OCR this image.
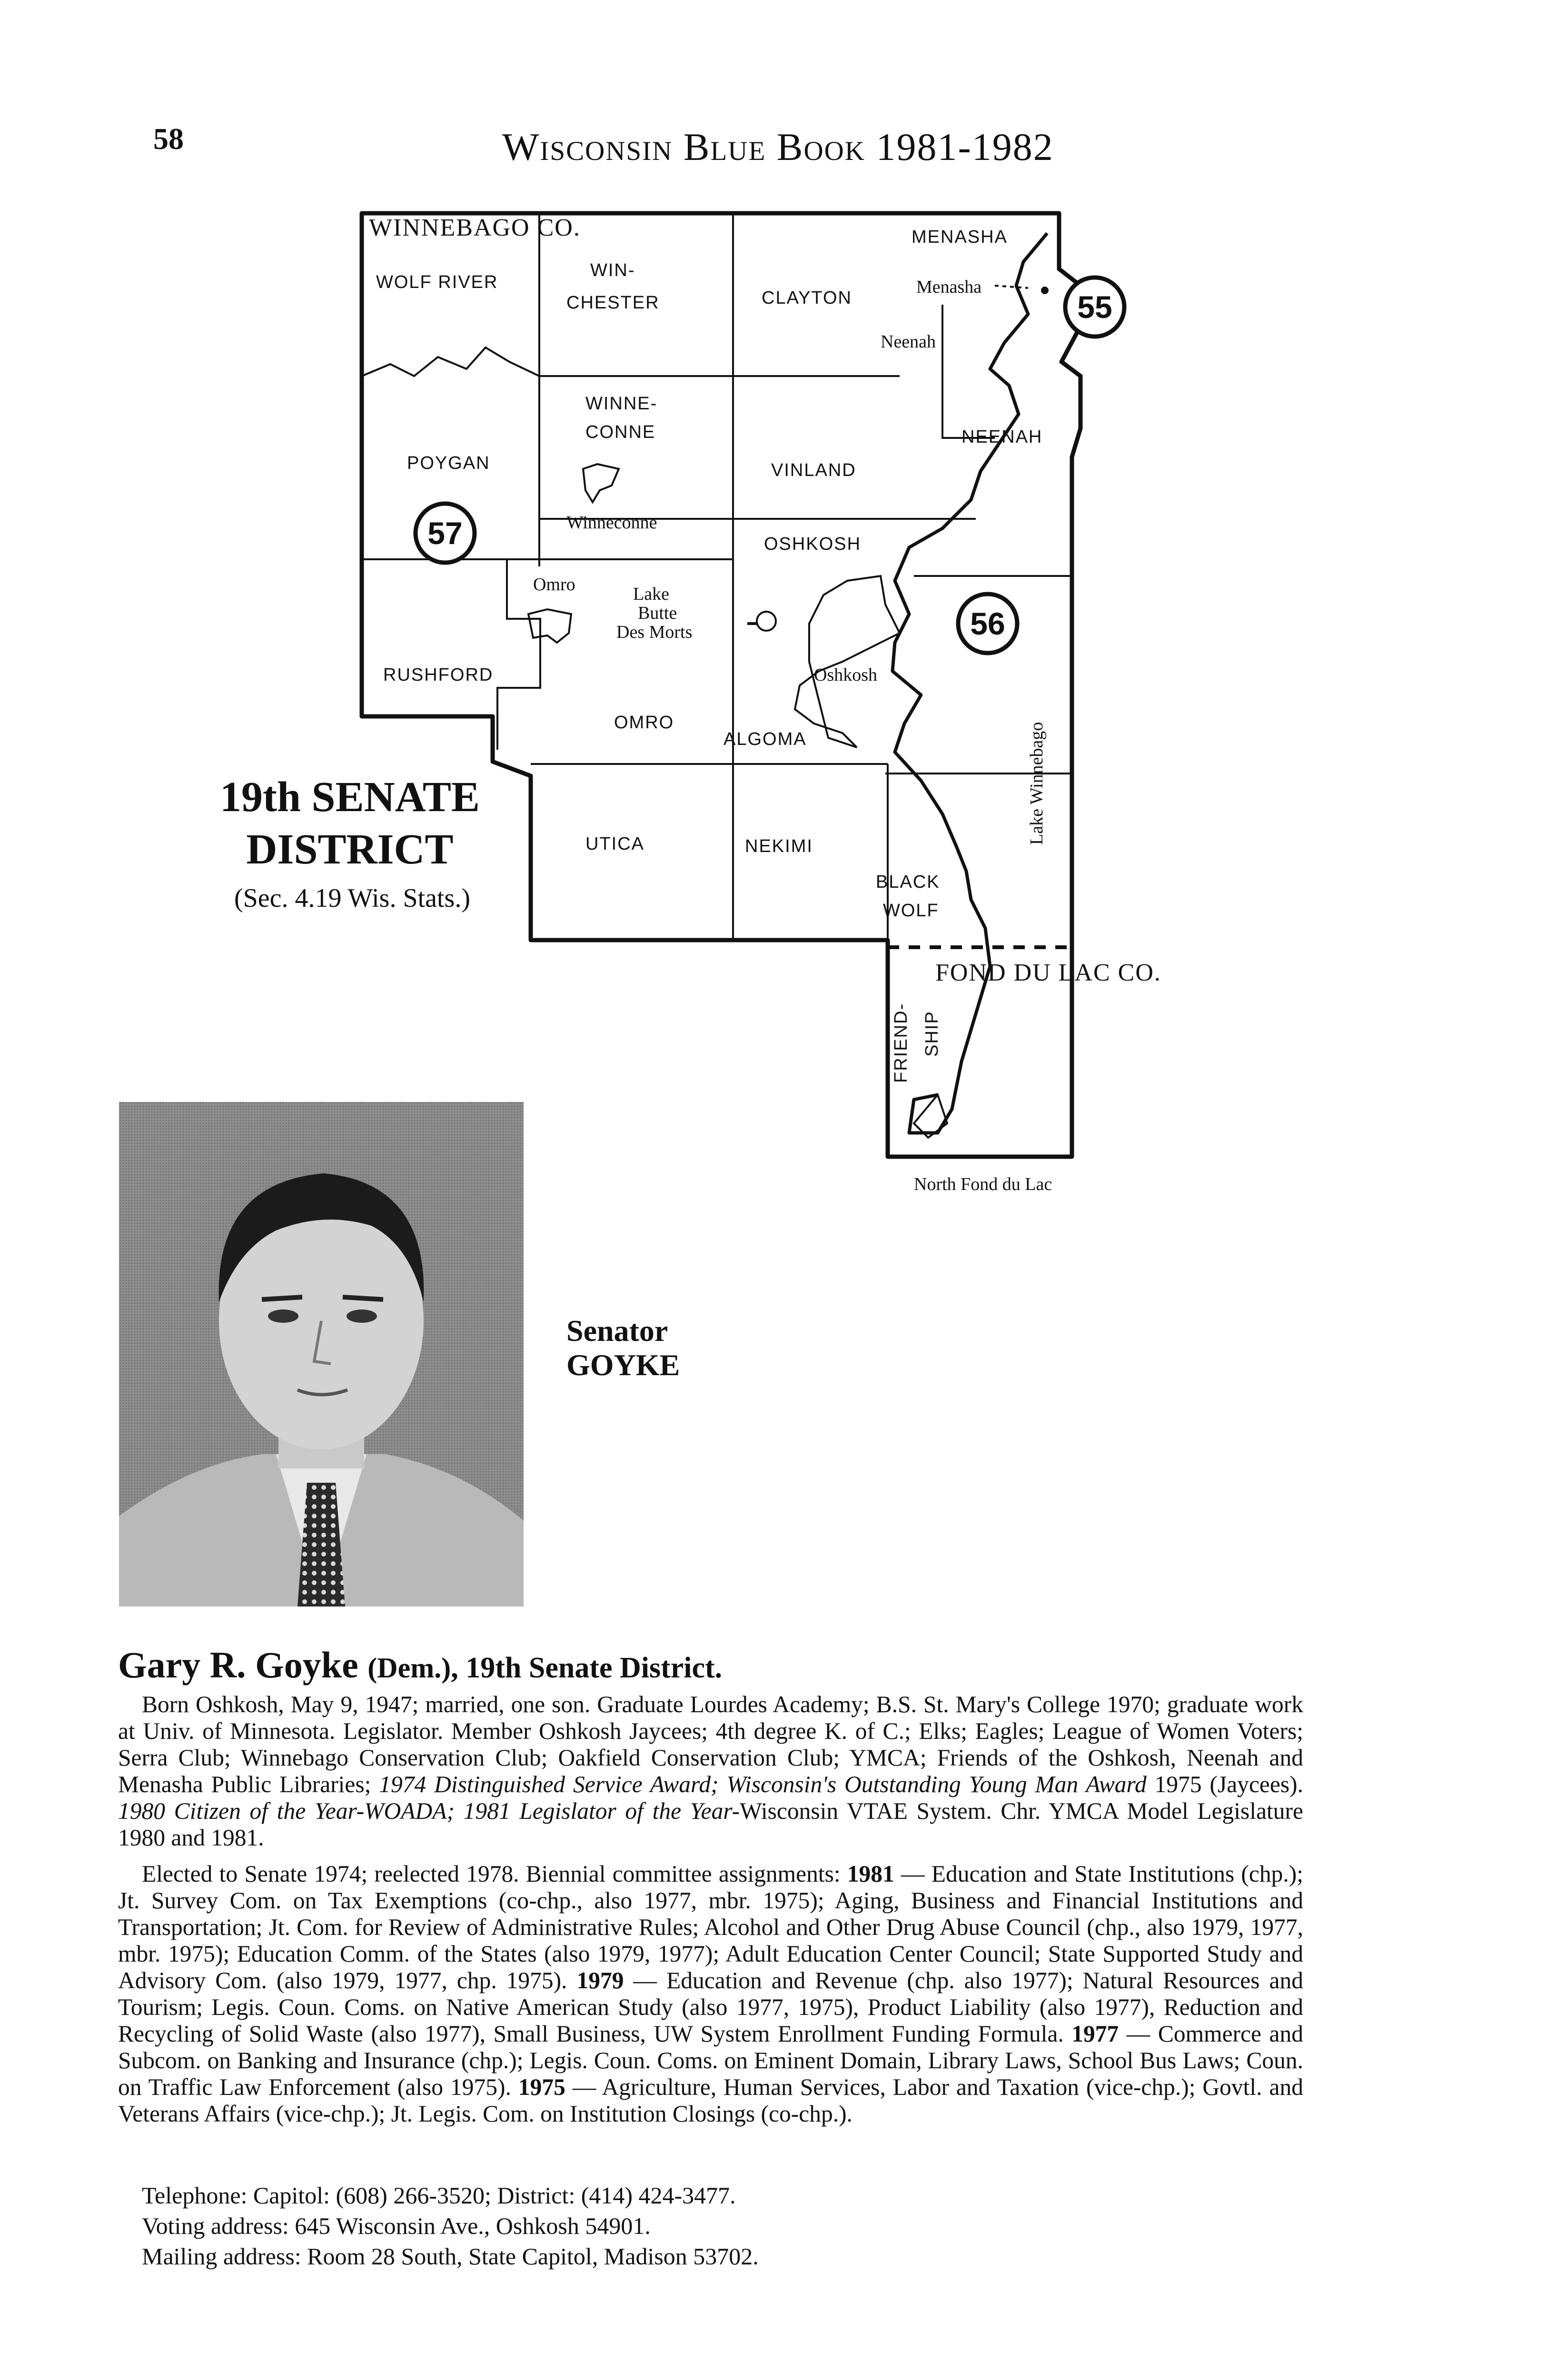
58	Wisconsin Blue Book 1981-1982
WINNEBAGO CO.
WOLF RIVER
WIN-
CHESTER	CLAYTON
MENASHA
POYGAN
WINNE-
CONNE
VINLAND
NEENAH
OSHKOSH
RUSHFORD
OMRO
ALGOMA
UTICA	NEKIMI
BLACK
WOLF
FRIEND- SHIP
FOND DU LAC CO.
Menasha
Neenah
Winneconne
Omro	Lake
Butte
Des Morts
Oshkosh
Lake Winnebago
North Fond du Lac
55
56
57
19th SENATE
DISTRICT
(Sec. 4.19 Wis. Stats.)
Senator
GOYKE
Gary R. Goyke (Dem.), 19th Senate District.

Born Oshkosh, May 9, 1947; married, one son. Graduate Lourdes Academy; B.S. St. Mary's College 1970; graduate work at Univ. of Minnesota. Legislator. Member Oshkosh Jaycees; 4th degree K. of C.; Elks; Eagles; League of Women Voters; Serra Club; Winnebago Conservation Club; Oakfield Conservation Club; YMCA; Friends of the Oshkosh, Neenah and Menasha Public Libraries; 1974 Distinguished Service Award; Wisconsin's Outstanding Young Man Award 1975 (Jaycees). 1980 Citizen of the Year-WOADA; 1981 Legislator of the Year-Wisconsin VTAE System. Chr. YMCA Model Legislature 1980 and 1981.

Elected to Senate 1974; reelected 1978. Biennial committee assignments: 1981 — Education and State Institutions (chp.); Jt. Survey Com. on Tax Exemptions (co-chp., also 1977, mbr. 1975); Aging, Business and Financial Institutions and Transportation; Jt. Com. for Review of Administrative Rules; Alcohol and Other Drug Abuse Council (chp., also 1979, 1977, mbr. 1975); Education Comm. of the States (also 1979, 1977); Adult Education Center Council; State Supported Study and Advisory Com. (also 1979, 1977, chp. 1975). 1979 — Education and Revenue (chp. also 1977); Natural Resources and Tourism; Legis. Coun. Coms. on Native American Study (also 1977, 1975), Product Liability (also 1977), Reduction and Recycling of Solid Waste (also 1977), Small Business, UW System Enrollment Funding Formula. 1977 — Commerce and Subcom. on Banking and Insurance (chp.); Legis. Coun. Coms. on Eminent Domain, Library Laws, School Bus Laws; Coun. on Traffic Law Enforcement (also 1975). 1975 — Agriculture, Human Services, Labor and Taxation (vice-chp.); Govtl. and Veterans Affairs (vice-chp.); Jt. Legis. Com. on Institution Closings (co-chp.).

Telephone: Capitol: (608) 266-3520; District: (414) 424-3477.
Voting address: 645 Wisconsin Ave., Oshkosh 54901.
Mailing address: Room 28 South, State Capitol, Madison 53702.
